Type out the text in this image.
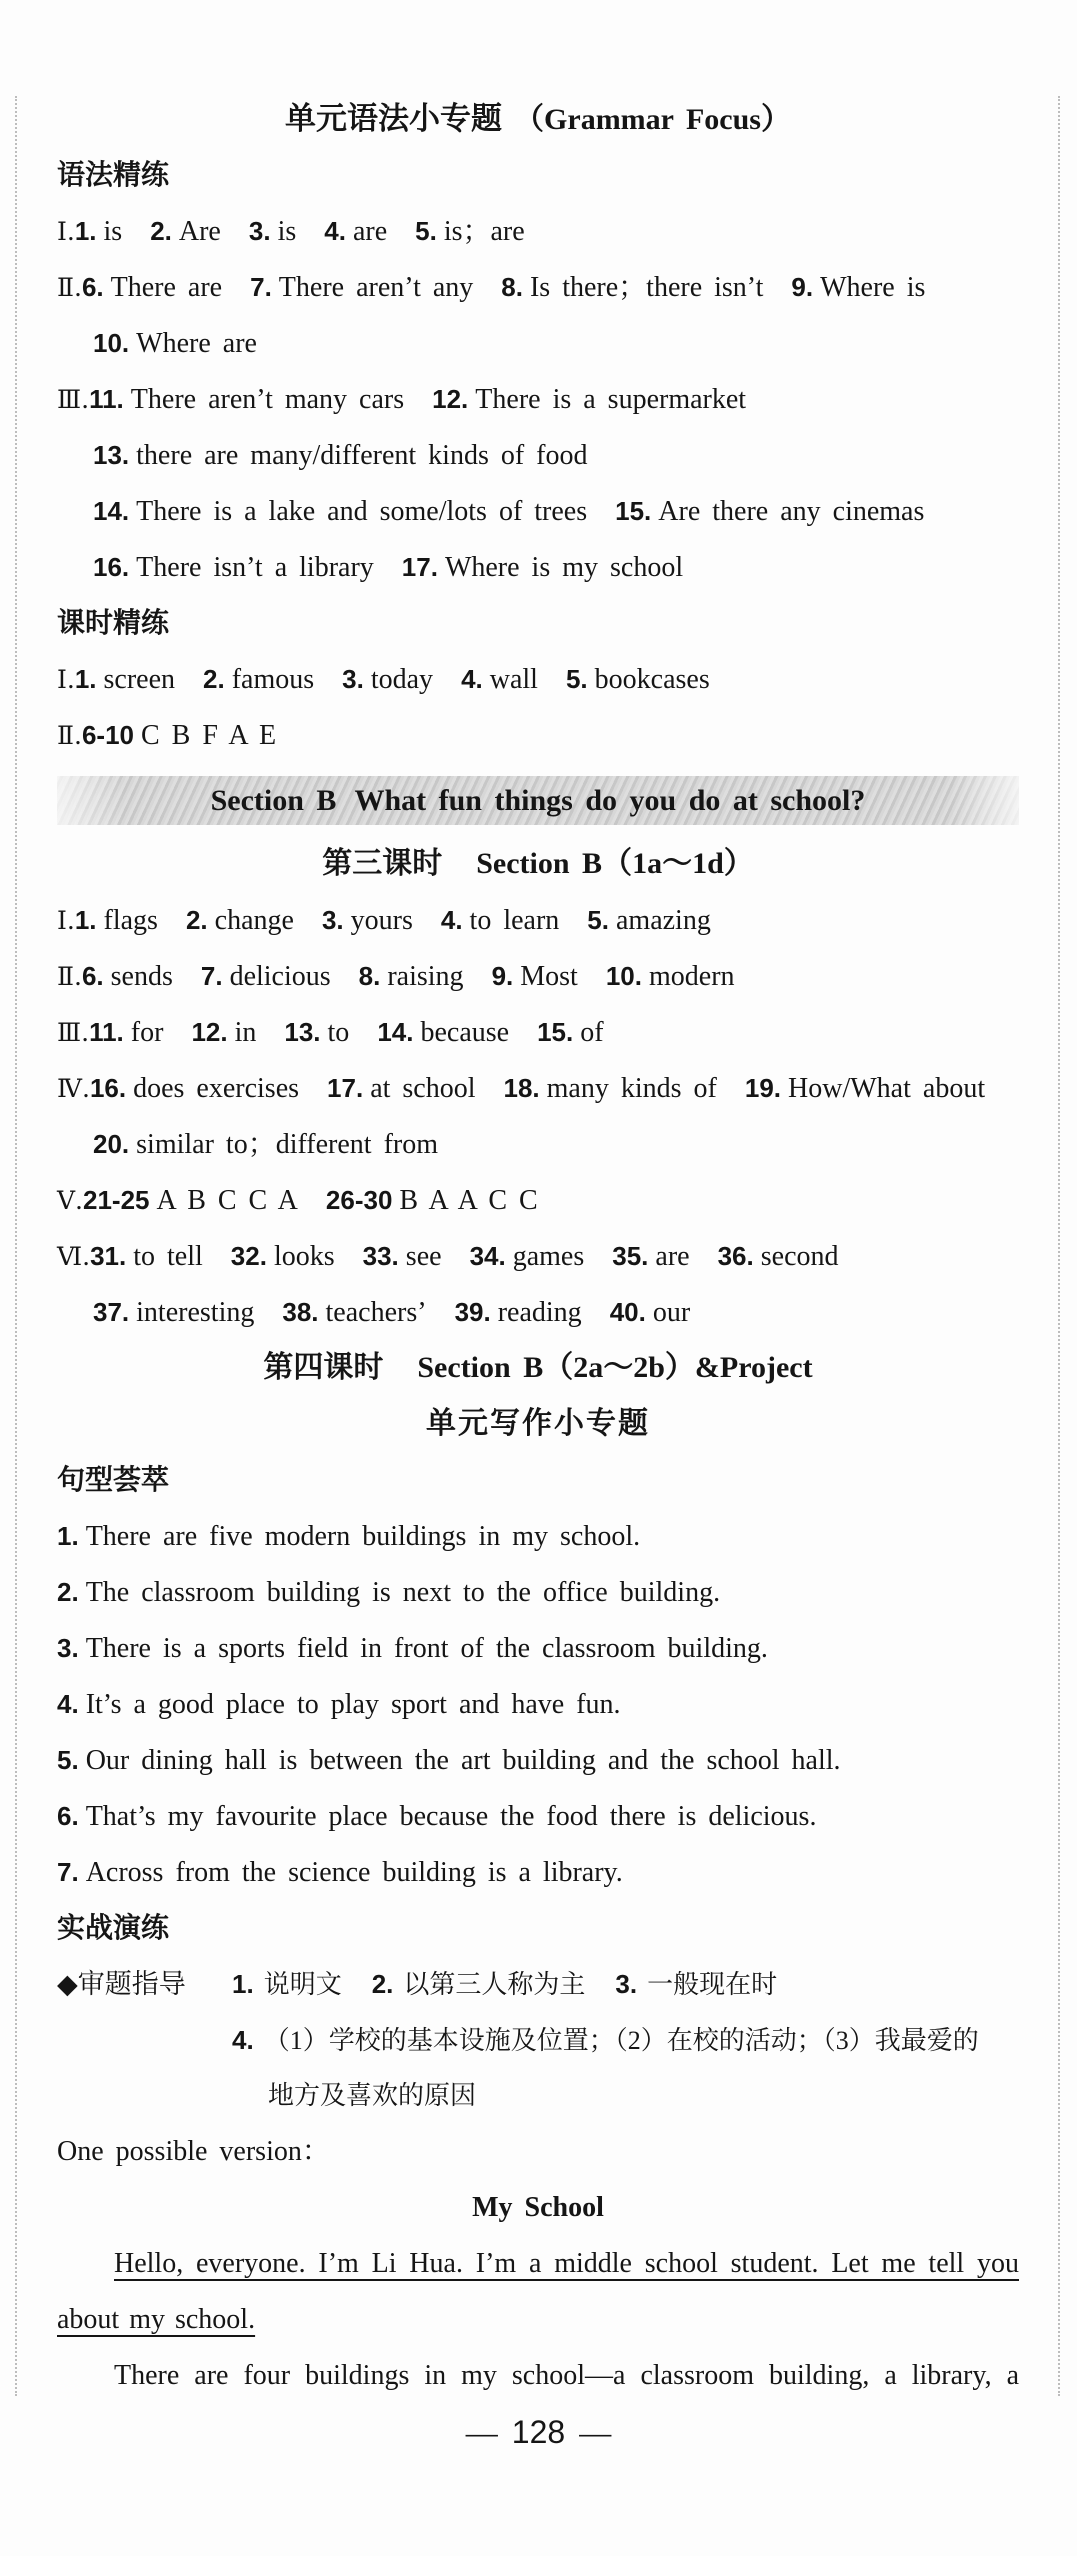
单元语法小专题 （Grammar Focus）
语法精练
Ⅰ.1. is 2. Are 3. is 4. are 5. is；are
Ⅱ.6. There are 7. There aren’t any 8. Is there；there isn’t 9. Where is
10. Where are
Ⅲ.11. There aren’t many cars 12. There is a supermarket
13. there are many/different kinds of food
14. There is a lake and some/lots of trees 15. Are there any cinemas
16. There isn’t a library 17. Where is my school
课时精练
Ⅰ.1. screen 2. famous 3. today 4. wall 5. bookcases
Ⅱ.6-10 C B F A E
Section B What fun things do you do at school?
第三课时 Section B（1a～1d）
Ⅰ.1. flags 2. change 3. yours 4. to learn 5. amazing
Ⅱ.6. sends 7. delicious 8. raising 9. Most 10. modern
Ⅲ.11. for 12. in 13. to 14. because 15. of
Ⅳ.16. does exercises 17. at school 18. many kinds of 19. How/What about
20. similar to；different from
Ⅴ.21-25 A B C C A 26-30 B A A C C
Ⅵ.31. to tell 32. looks 33. see 34. games 35. are 36. second
37. interesting 38. teachers’ 39. reading 40. our
第四课时 Section B（2a～2b）&Project
单元写作小专题
句型荟萃
1. There are five modern buildings in my school.
2. The classroom building is next to the office building.
3. There is a sports field in front of the classroom building.
4. It’s a good place to play sport and have fun.
5. Our dining hall is between the art building and the school hall.
6. That’s my favourite place because the food there is delicious.
7. Across from the science building is a library.
实战演练
◆审题指导 1. 说明文 2. 以第三人称为主 3. 一般现在时
4. （1）学校的基本设施及位置；（2）在校的活动；（3）我最爱的
地方及喜欢的原因
One possible version：
My School
Hello, everyone. I’m Li Hua. I’m a middle school student. Let me tell you
about my school.
There are four buildings in my school—a classroom building, a library, a
— 128 —
